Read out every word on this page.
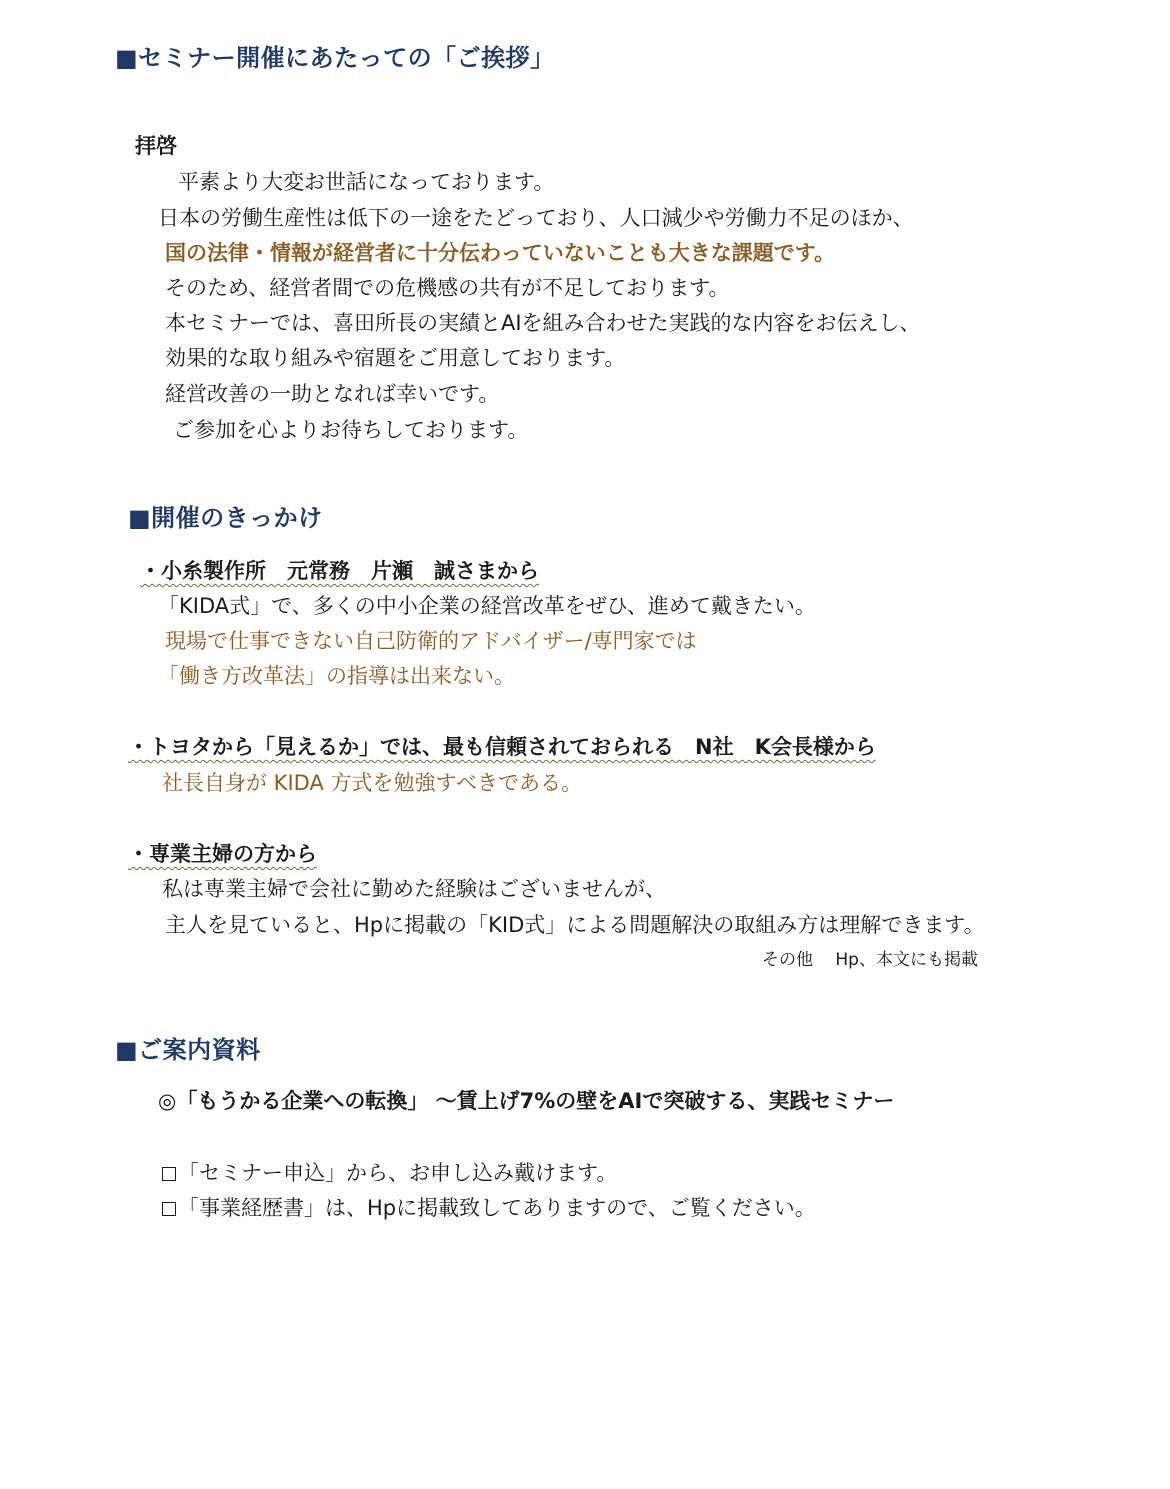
■セミナー開催にあたっての「ご挨拶」
拝啓
平素より大変お世話になっております。
日本の労働生産性は低下の一途をたどっており、人口減少や労働力不足のほか、
国の法律・情報が経営者に十分伝わっていないことも大きな課題です。
そのため、経営者間での危機感の共有が不足しております。
本セミナーでは、喜田所長の実績とAIを組み合わせた実践的な内容をお伝えし、
効果的な取り組みや宿題をご用意しております。
経営改善の一助となれば幸いです。
ご参加を心よりお待ちしております。
■開催のきっかけ
・小糸製作所　元常務　片瀬　誠さまから
「KIDA式」で、多くの中小企業の経営改革をぜひ、進めて戴きたい。
現場で仕事できない自己防衛的アドバイザー/専門家では
「働き方改革法」の指導は出来ない。
・トヨタから「見えるか」では、最も信頼されておられる　N社　K会長様から
社長自身が KIDA 方式を勉強すべきである。
・専業主婦の方から
私は専業主婦で会社に勤めた経験はございませんが、
主人を見ていると、Hpに掲載の「KID式」による問題解決の取組み方は理解できます。
その他　 Hp、本文にも掲載
■ご案内資料
◎「もうかる企業への転換」 ～賃上げ7%の壁をAIで突破する、実践セミナー
「セミナー申込」から、お申し込み戴けます。
「事業経歴書」は、Hpに掲載致してありますので、ご覧ください。
